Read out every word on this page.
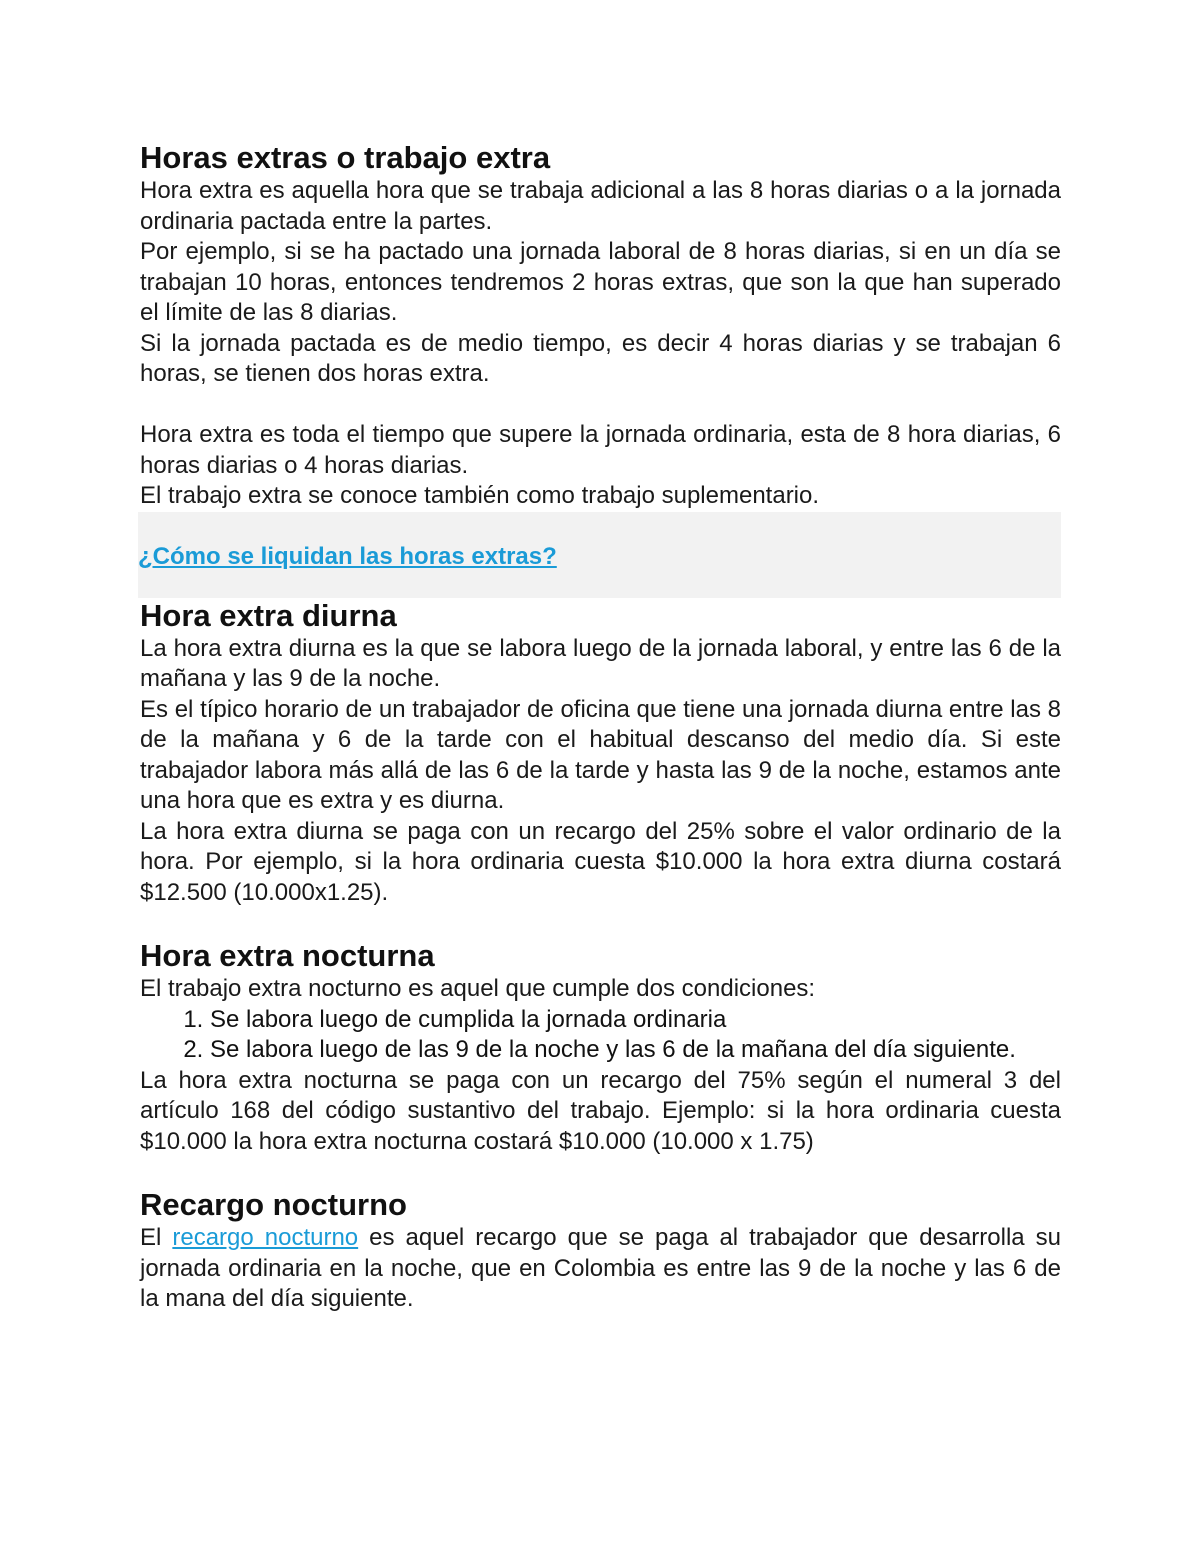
Horas extras o trabajo extra

Hora extra es aquella hora que se trabaja adicional a las 8 horas diarias o a la jornada ordinaria pactada entre la partes.

Por ejemplo, si se ha pactado una jornada laboral de 8 horas diarias, si en un día se trabajan 10 horas, entonces tendremos 2 horas extras, que son la que han superado el límite de las 8 diarias.

Si la jornada pactada es de medio tiempo, es decir 4 horas diarias y se trabajan 6 horas, se tienen dos horas extra.

Hora extra es toda el tiempo que supere la jornada ordinaria, esta de 8 hora diarias, 6 horas diarias o 4 horas diarias.

El trabajo extra se conoce también como trabajo suplementario.

¿Cómo se liquidan las horas extras?
Hora extra diurna

La hora extra diurna es la que se labora luego de la jornada laboral, y entre las 6 de la mañana y las 9 de la noche.

Es el típico horario de un trabajador de oficina que tiene una jornada diurna entre las 8 de la mañana y 6 de la tarde con el habitual descanso del medio día. Si este trabajador labora más allá de las 6 de la tarde y hasta las 9 de la noche, estamos ante una hora que es extra y es diurna.

La hora extra diurna se paga con un recargo del 25% sobre el valor ordinario de la hora. Por ejemplo, si la hora ordinaria cuesta $10.000 la hora extra diurna costará $12.500 (10.000x1.25).

Hora extra nocturna

El trabajo extra nocturno es aquel que cumple dos condiciones:

1. Se labora luego de cumplida la jornada ordinaria
2. Se labora luego de las 9 de la noche y las 6 de la mañana del día siguiente.

La hora extra nocturna se paga con un recargo del 75% según el numeral 3 del artículo 168 del código sustantivo del trabajo. Ejemplo: si la hora ordinaria cuesta $10.000 la hora extra nocturna costará $10.000 (10.000 x 1.75)

Recargo nocturno

El recargo nocturno es aquel recargo que se paga al trabajador que desarrolla su jornada ordinaria en la noche, que en Colombia es entre las 9 de la noche y las 6 de la mana del día siguiente.
